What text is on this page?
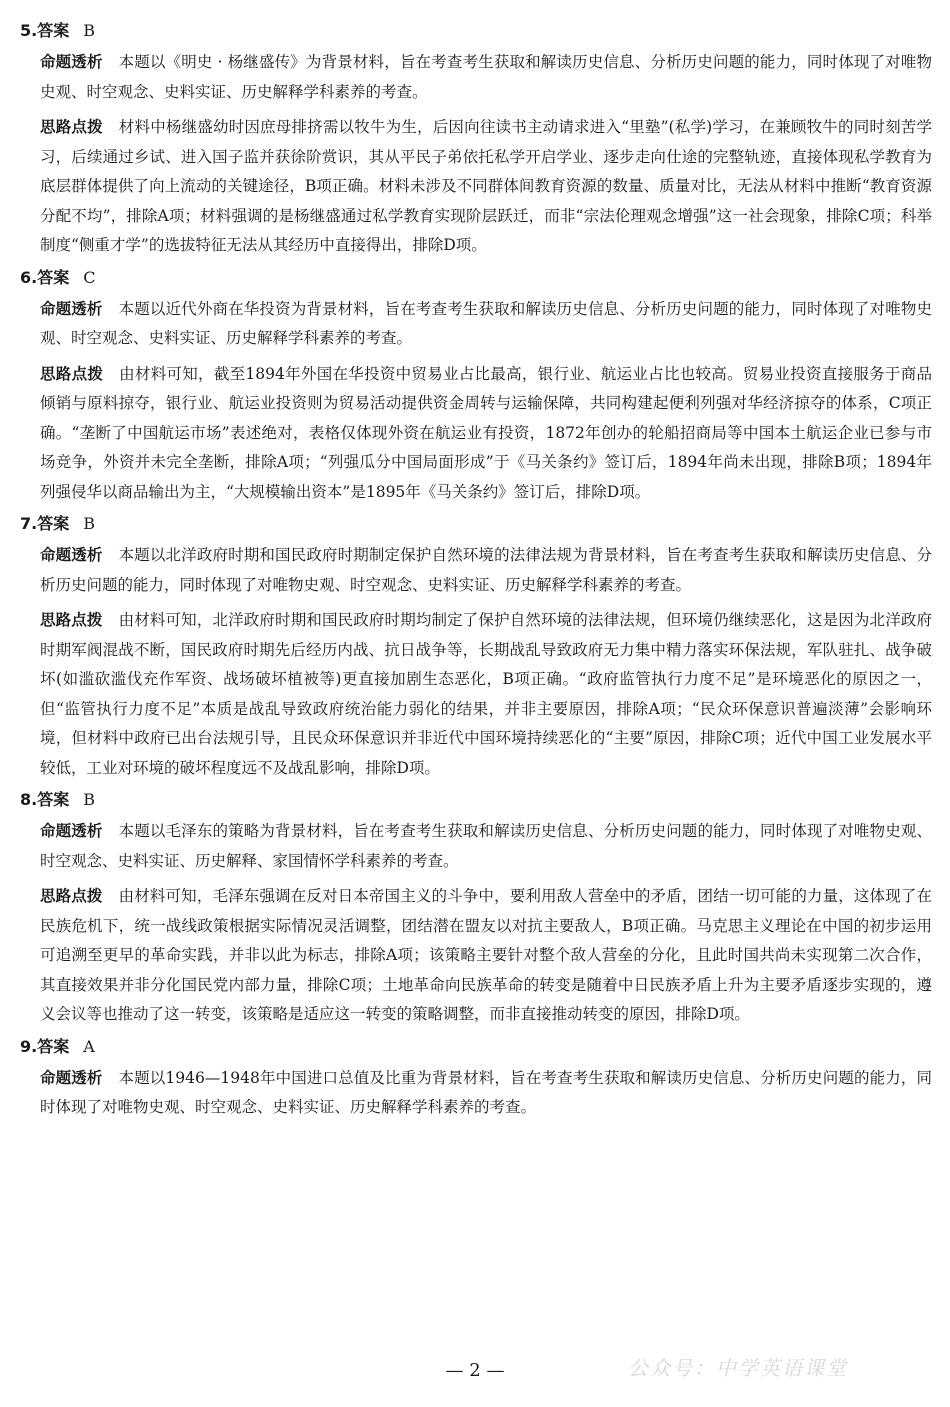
5.答案 B

命题透析 本题以《明史 · 杨继盛传》为背景材料，旨在考查考生获取和解读历史信息、分析历史问题的能力，同时体现了对唯物史观、时空观念、史料实证、历史解释学科素养的考查。

思路点拨 材料中杨继盛幼时因庶母排挤需以牧牛为生，后因向往读书主动请求进入“里塾”(私学)学习，在兼顾牧牛的同时刻苦学习，后续通过乡试、进入国子监并获徐阶赏识，其从平民子弟依托私学开启学业、逐步走向仕途的完整轨迹，直接体现私学教育为底层群体提供了向上流动的关键途径，B项正确。材料未涉及不同群体间教育资源的数量、质量对比，无法从材料中推断“教育资源分配不均”，排除A项；材料强调的是杨继盛通过私学教育实现阶层跃迁，而非“宗法伦理观念增强”这一社会现象，排除C项；科举制度“侧重才学”的选拔特征无法从其经历中直接得出，排除D项。

6.答案 C

命题透析 本题以近代外商在华投资为背景材料，旨在考查考生获取和解读历史信息、分析历史问题的能力，同时体现了对唯物史观、时空观念、史料实证、历史解释学科素养的考查。

思路点拨 由材料可知，截至1894年外国在华投资中贸易业占比最高，银行业、航运业占比也较高。贸易业投资直接服务于商品倾销与原料掠夺，银行业、航运业投资则为贸易活动提供资金周转与运输保障，共同构建起便利列强对华经济掠夺的体系，C项正确。“垄断了中国航运市场”表述绝对，表格仅体现外资在航运业有投资，1872年创办的轮船招商局等中国本土航运企业已参与市场竞争，外资并未完全垄断，排除A项；“列强瓜分中国局面形成”于《马关条约》签订后，1894年尚未出现，排除B项；1894年列强侵华以商品输出为主，“大规模输出资本”是1895年《马关条约》签订后，排除D项。

7.答案 B

命题透析 本题以北洋政府时期和国民政府时期制定保护自然环境的法律法规为背景材料，旨在考查考生获取和解读历史信息、分析历史问题的能力，同时体现了对唯物史观、时空观念、史料实证、历史解释学科素养的考查。

思路点拨 由材料可知，北洋政府时期和国民政府时期均制定了保护自然环境的法律法规，但环境仍继续恶化，这是因为北洋政府时期军阀混战不断，国民政府时期先后经历内战、抗日战争等，长期战乱导致政府无力集中精力落实环保法规，军队驻扎、战争破坏(如滥砍滥伐充作军资、战场破坏植被等)更直接加剧生态恶化，B项正确。“政府监管执行力度不足”是环境恶化的原因之一，但“监管执行力度不足”本质是战乱导致政府统治能力弱化的结果，并非主要原因，排除A项；“民众环保意识普遍淡薄”会影响环境，但材料中政府已出台法规引导，且民众环保意识并非近代中国环境持续恶化的“主要”原因，排除C项；近代中国工业发展水平较低，工业对环境的破坏程度远不及战乱影响，排除D项。

8.答案 B

命题透析 本题以毛泽东的策略为背景材料，旨在考查考生获取和解读历史信息、分析历史问题的能力，同时体现了对唯物史观、时空观念、史料实证、历史解释、家国情怀学科素养的考查。

思路点拨 由材料可知，毛泽东强调在反对日本帝国主义的斗争中，要利用敌人营垒中的矛盾，团结一切可能的力量，这体现了在民族危机下，统一战线政策根据实际情况灵活调整，团结潜在盟友以对抗主要敌人，B项正确。马克思主义理论在中国的初步运用可追溯至更早的革命实践，并非以此为标志，排除A项；该策略主要针对整个敌人营垒的分化，且此时国共尚未实现第二次合作，其直接效果并非分化国民党内部力量，排除C项；土地革命向民族革命的转变是随着中日民族矛盾上升为主要矛盾逐步实现的，遵义会议等也推动了这一转变，该策略是适应这一转变的策略调整，而非直接推动转变的原因，排除D项。

9.答案 A

命题透析 本题以1946—1948年中国进口总值及比重为背景材料，旨在考查考生获取和解读历史信息、分析历史问题的能力，同时体现了对唯物史观、时空观念、史料实证、历史解释学科素养的考查。

— 2 —	公众号：中学英语课堂
